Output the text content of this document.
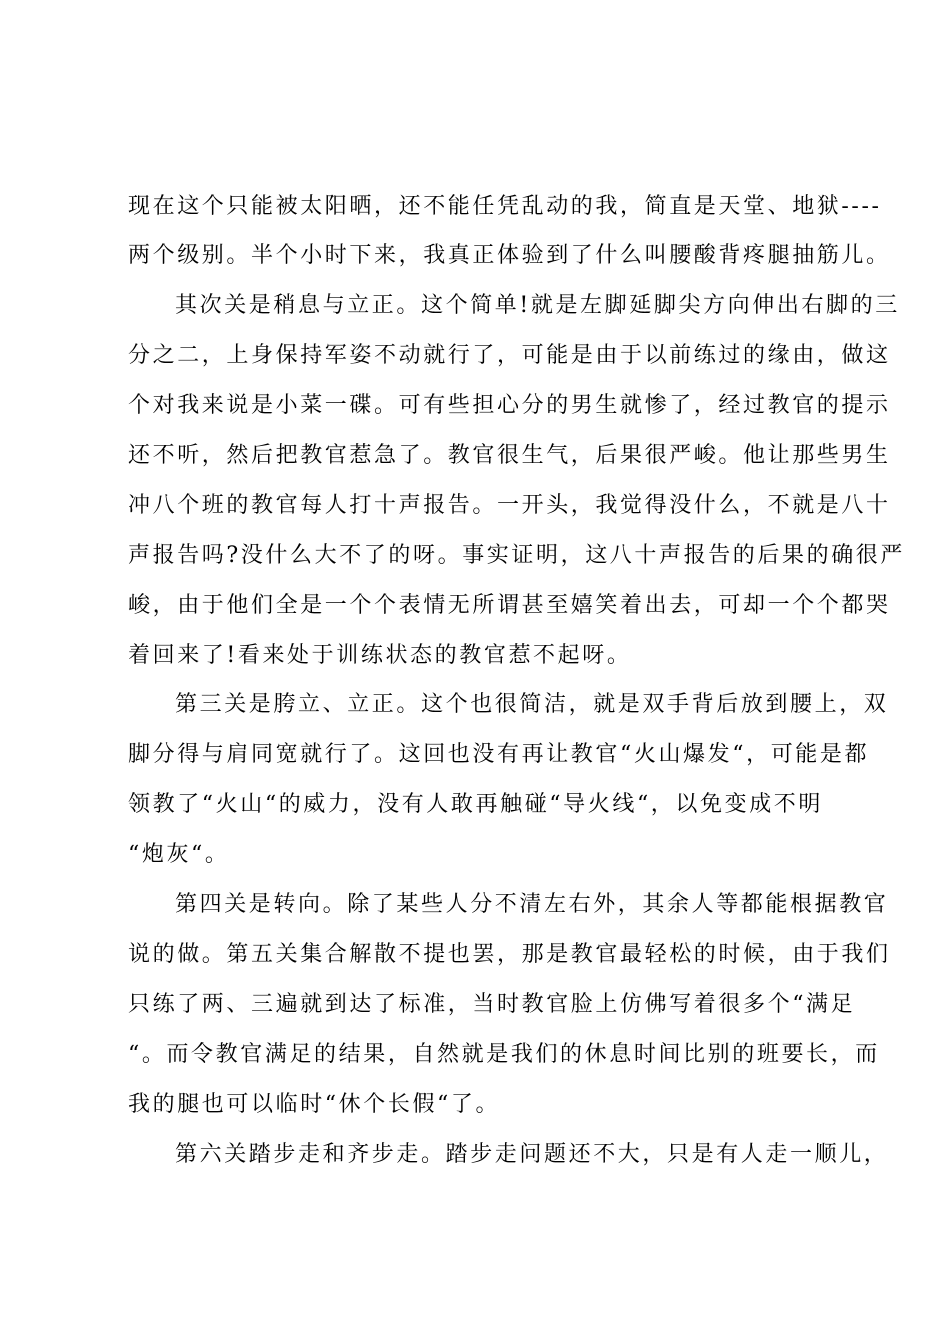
现在这个只能被太阳晒，还不能任凭乱动的我，简直是天堂、地狱----
两个级别。半个小时下来，我真正体验到了什么叫腰酸背疼腿抽筋儿。
其次关是稍息与立正。这个简单!就是左脚延脚尖方向伸出右脚的三
分之二，上身保持军姿不动就行了，可能是由于以前练过的缘由，做这
个对我来说是小菜一碟。可有些担心分的男生就惨了，经过教官的提示
还不听，然后把教官惹急了。教官很生气，后果很严峻。他让那些男生
冲八个班的教官每人打十声报告。一开头，我觉得没什么，不就是八十
声报告吗?没什么大不了的呀。事实证明，这八十声报告的后果的确很严
峻，由于他们全是一个个表情无所谓甚至嬉笑着出去，可却一个个都哭
着回来了!看来处于训练状态的教官惹不起呀。
第三关是胯立、立正。这个也很简洁，就是双手背后放到腰上，双
脚分得与肩同宽就行了。这回也没有再让教官“火山爆发“，可能是都
领教了“火山“的威力，没有人敢再触碰“导火线“，以免变成不明
“炮灰“。
第四关是转向。除了某些人分不清左右外，其余人等都能根据教官
说的做。第五关集合解散不提也罢，那是教官最轻松的时候，由于我们
只练了两、三遍就到达了标准，当时教官脸上仿佛写着很多个“满足
“。而令教官满足的结果，自然就是我们的休息时间比别的班要长，而
我的腿也可以临时“休个长假“了。
第六关踏步走和齐步走。踏步走问题还不大，只是有人走一顺儿，
